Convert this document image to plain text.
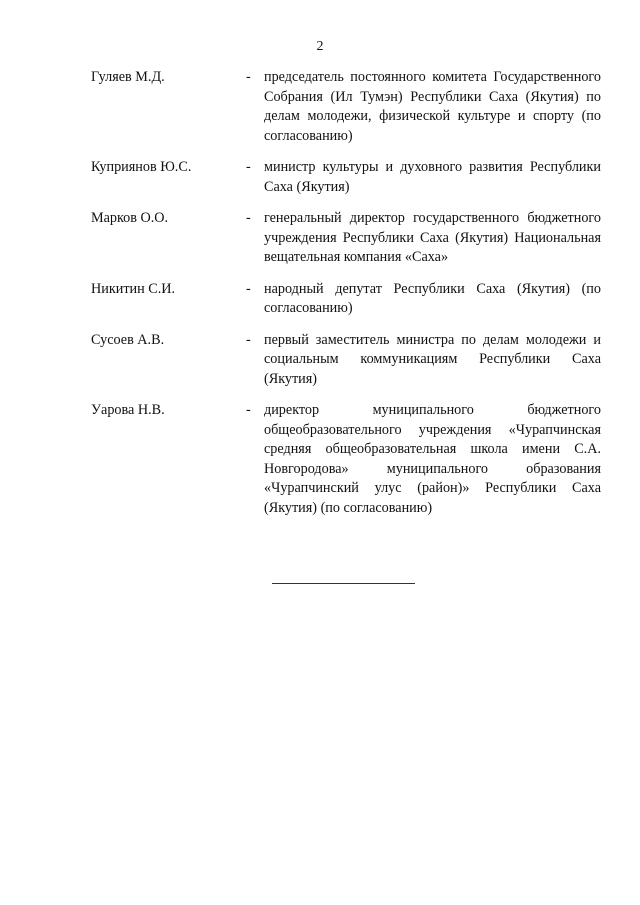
2
Гуляев М.Д.	- председатель постоянного комитета Государственного Собрания (Ил Тумэн) Республики Саха (Якутия) по делам молодежи, физической культуре и спорту (по согласованию)
Куприянов Ю.С.	- министр культуры и духовного развития Республики Саха (Якутия)
Марков О.О.	- генеральный директор государственного бюджетного учреждения Республики Саха (Якутия) Национальная вещательная компания «Саха»
Никитин С.И.	- народный депутат Республики Саха (Якутия) (по согласованию)
Сусоев А.В.	- первый заместитель министра по делам молодежи и социальным коммуникациям Республики Саха (Якутия)
Уарова Н.В.	- директор муниципального бюджетного общеобразовательного учреждения «Чурапчинская средняя общеобразовательная школа имени С.А. Новгородова» муниципального образования «Чурапчинский улус (район)» Республики Саха (Якутия) (по согласованию)
